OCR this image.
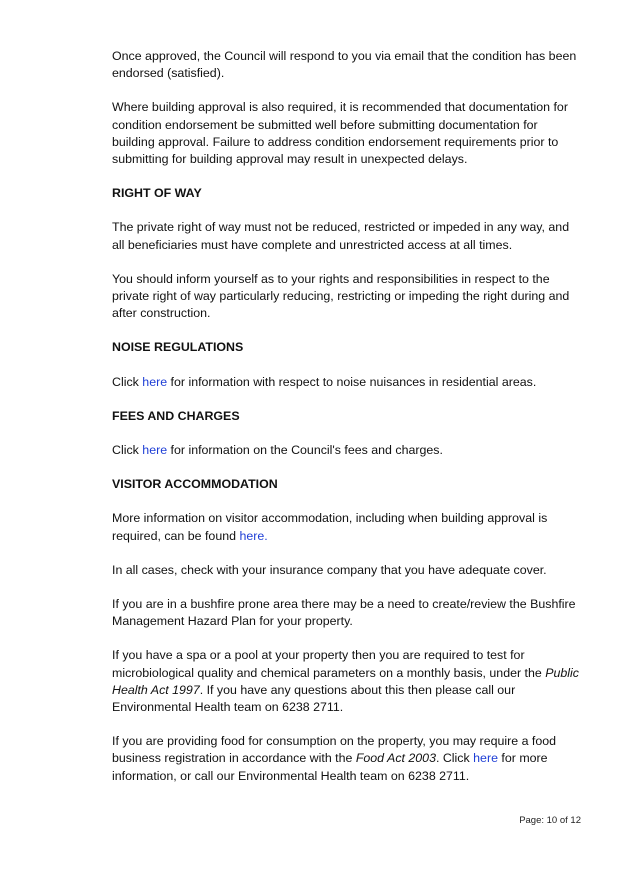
Once approved, the Council will respond to you via email that the condition has been endorsed (satisfied).

Where building approval is also required, it is recommended that documentation for condition endorsement be submitted well before submitting documentation for building approval. Failure to address condition endorsement requirements prior to submitting for building approval may result in unexpected delays.

RIGHT OF WAY

The private right of way must not be reduced, restricted or impeded in any way, and all beneficiaries must have complete and unrestricted access at all times.

You should inform yourself as to your rights and responsibilities in respect to the private right of way particularly reducing, restricting or impeding the right during and after construction.

NOISE REGULATIONS

Click here for information with respect to noise nuisances in residential areas.

FEES AND CHARGES

Click here for information on the Council's fees and charges.

VISITOR ACCOMMODATION

More information on visitor accommodation, including when building approval is required, can be found here.

In all cases, check with your insurance company that you have adequate cover.

If you are in a bushfire prone area there may be a need to create/review the Bushfire Management Hazard Plan for your property.

If you have a spa or a pool at your property then you are required to test for microbiological quality and chemical parameters on a monthly basis, under the Public Health Act 1997. If you have any questions about this then please call our Environmental Health team on 6238 2711.

If you are providing food for consumption on the property, you may require a food business registration in accordance with the Food Act 2003. Click here for more information, or call our Environmental Health team on 6238 2711.

Page: 10 of 12
